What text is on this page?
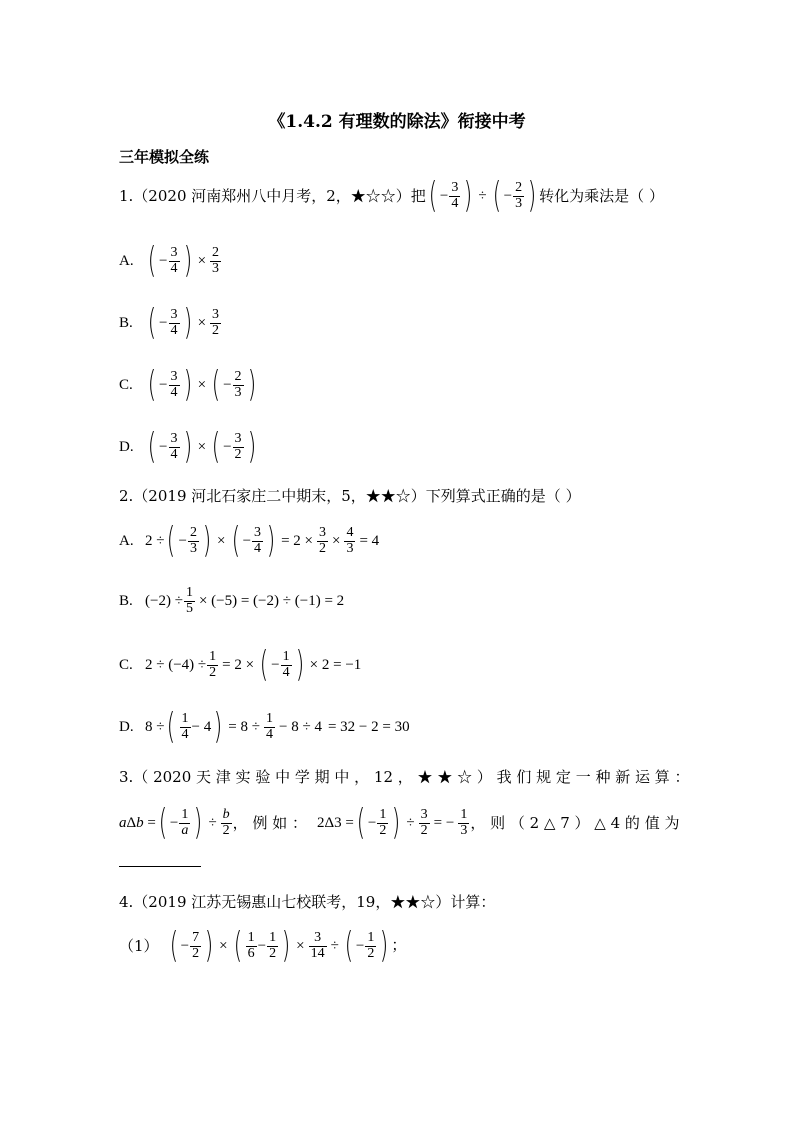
《1.4.2 有理数的除法》衔接中考
三年模拟全练
1.（2020 河南郑州八中月考，2，★☆☆）把 ( − $\frac{3}{4}$ ) ÷ ( − $\frac{2}{3}$ ) 转化为乘法是（ ）
A. ( − $\frac{3}{4}$ ) × $\frac{2}{3}$
B. ( − $\frac{3}{4}$ ) × $\frac{3}{2}$
C. ( − $\frac{3}{4}$ ) × ( − $\frac{2}{3}$ )
D. ( − $\frac{3}{4}$ ) × ( − $\frac{3}{2}$ )
2.（2019 河北石家庄二中期末，5，★★☆）下列算式正确的是（ ）
A. 2 ÷ ( − $\frac{2}{3}$ ) × ( − $\frac{3}{4}$ ) = $2 \times \frac{3}{2} \times \frac{4}{3} = 4$
B. $(-2) \div \frac{1}{5} \times (-5) = (-2) \div (-1) = 2$
C. $2 \div (-4) \div \frac{1}{2} = 2$ × ( − $\frac{1}{4}$ ) × 2 = −1
D. 8 ÷ ( $\frac{1}{4} - 4$ ) = $8 \div \frac{1}{4} - 8 \div 4 = 32 - 2 = 30$
3.（ 2020 天 津 实 验 中 学 期 中 ， 12 ， ★ ★ ☆ ） 我 们 规 定 一 种 新 运 算 ：
aΔb = ( − $\frac{1}{a}$ ) ÷ $\frac{b}{2}$ ， 例 如 ： 2Δ3 = ( − $\frac{1}{2}$ ) ÷ $\frac{3}{2}$ = − $\frac{1}{3}$ ， 则 （ 2 △ 7 ） △ 4 的 值 为
4.（2019 江苏无锡惠山七校联考，19，★★☆）计算：
（1） ( − $\frac{7}{2}$ ) × ( $\frac{1}{6} - \frac{1}{2}$ ) × $\frac{3}{14}$ ÷ ( − $\frac{1}{2}$ ) ；
